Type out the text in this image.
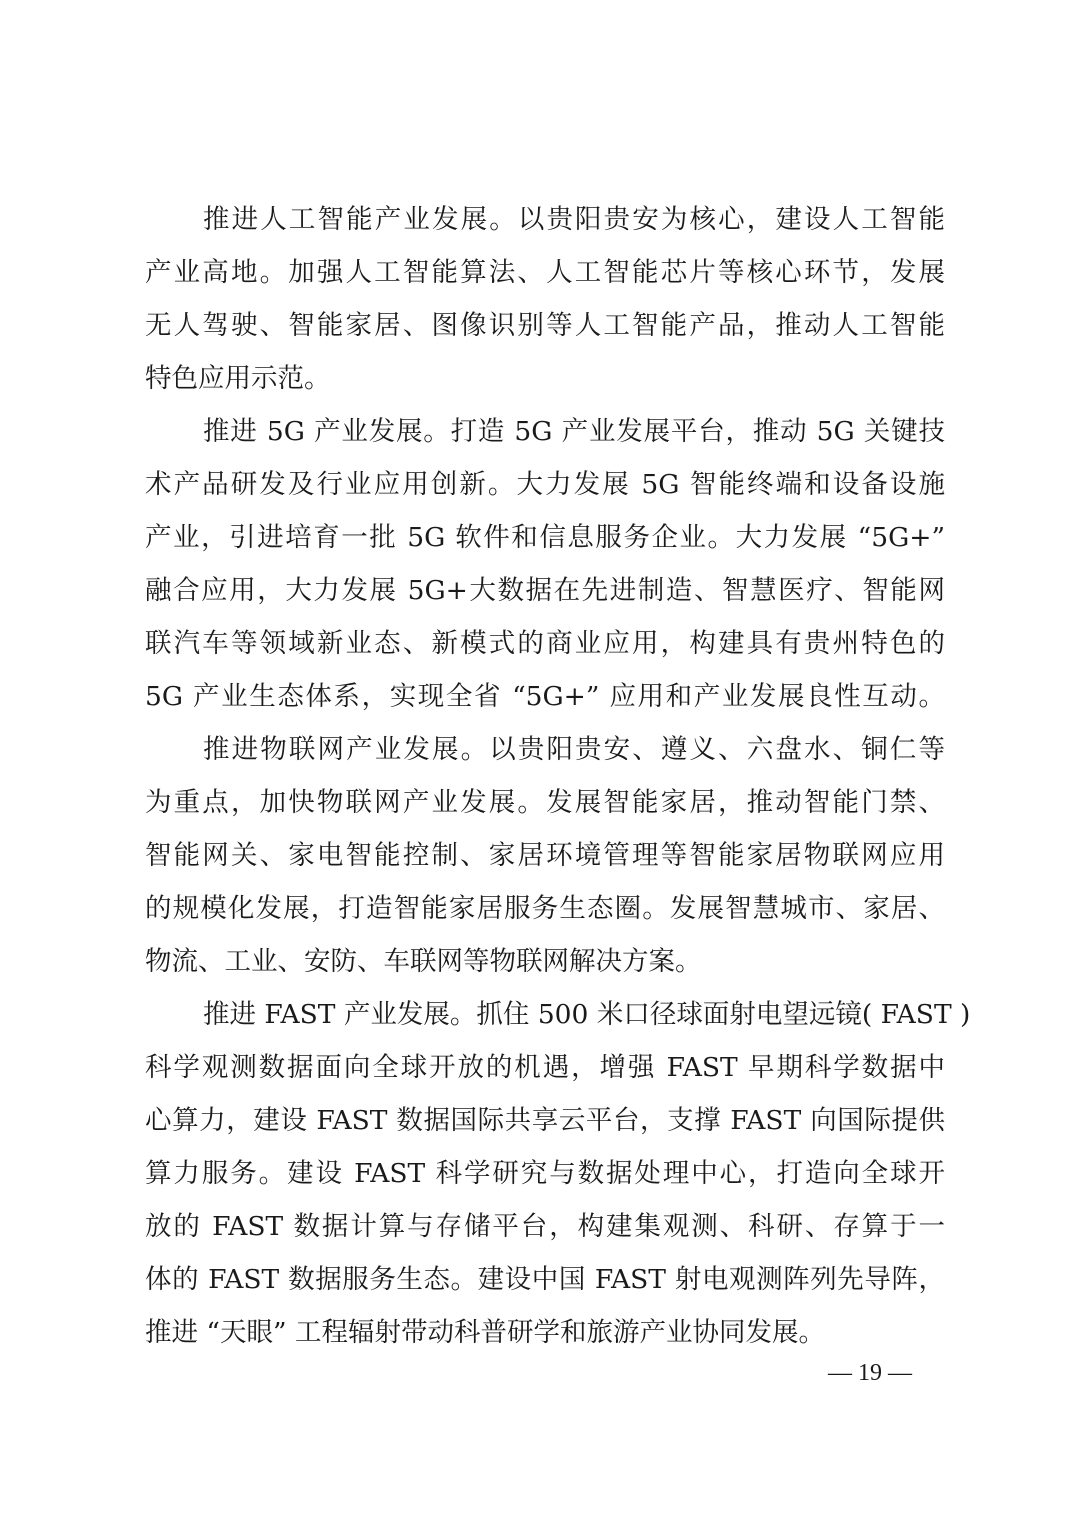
推进人工智能产业发展。以贵阳贵安为核心，建设人工智能
产业高地。加强人工智能算法、人工智能芯片等核心环节，发展
无人驾驶、智能家居、图像识别等人工智能产品，推动人工智能
特色应用示范。
推进 5G 产业发展。打造 5G 产业发展平台，推动 5G 关键技
术产品研发及行业应用创新。大力发展 5G 智能终端和设备设施
产业，引进培育一批 5G 软件和信息服务企业。大力发展 “5G+”
融合应用，大力发展 5G+大数据在先进制造、智慧医疗、智能网
联汽车等领域新业态、新模式的商业应用，构建具有贵州特色的
5G 产业生态体系，实现全省 “5G+” 应用和产业发展良性互动。
推进物联网产业发展。以贵阳贵安、遵义、六盘水、铜仁等
为重点，加快物联网产业发展。发展智能家居，推动智能门禁、
智能网关、家电智能控制、家居环境管理等智能家居物联网应用
的规模化发展，打造智能家居服务生态圈。发展智慧城市、家居、
物流、工业、安防、车联网等物联网解决方案。
推进 FAST 产业发展。抓住 500 米口径球面射电望远镜( FAST )
科学观测数据面向全球开放的机遇，增强 FAST 早期科学数据中
心算力，建设 FAST 数据国际共享云平台，支撑 FAST 向国际提供
算力服务。建设 FAST 科学研究与数据处理中心，打造向全球开
放的 FAST 数据计算与存储平台，构建集观测、科研、存算于一
体的 FAST 数据服务生态。建设中国 FAST 射电观测阵列先导阵，
推进 “天眼” 工程辐射带动科普研学和旅游产业协同发展。
— 19 —
